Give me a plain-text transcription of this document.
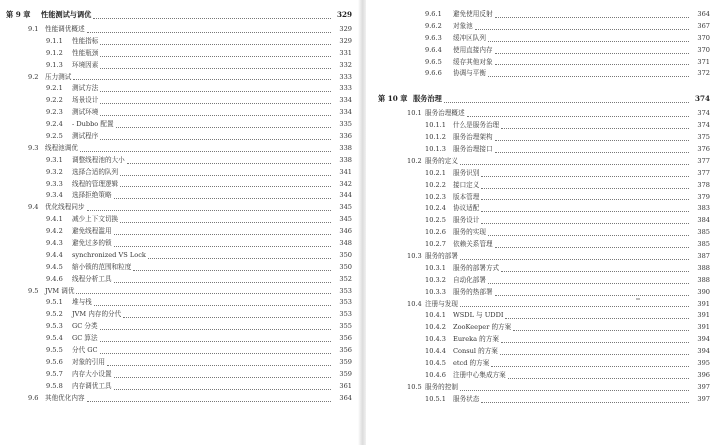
第 9 章	性能测试与调优	329
9.1 性能调优概述	329
9.1.1	性能指标	329
9.1.2	性能瓶颈	331
9.1.3	环境因素	332
9.2 压力测试	333
9.2.1	测试方法	333
9.2.2	场景设计	334
9.2.3	测试环境	334
9.2.4	- Dubbo 配置	335
9.2.5	测试程序	336
9.3 线程池调优	338
9.3.1	调整线程池的大小	338
9.3.2	选择合适的队列	341
9.3.3	线程的管理逻辑	342
9.3.4	选择拒绝策略	344
9.4 优化线程同步	345
9.4.1	减少上下文切换	345
9.4.2	避免线程滥用	346
9.4.3	避免过多的锁	348
9.4.4	synchronized VS Lock	350
9.4.5	缩小锁的范围和粒度	350
9.4.6	线程分析工具	352
9.5 JVM 调优	353
9.5.1	堆与栈	353
9.5.2	JVM 内存的分代	353
9.5.3	GC 分类	355
9.5.4	GC 算法	356
9.5.5	分代 GC	356
9.5.6	对象的引用	359
9.5.7	内存大小设置	359
9.5.8	内存调优工具	361
9.6 其他优化内容	364
9.6.1	避免使用反射	364
9.6.2	对象池	367
9.6.3	缓冲区队列	370
9.6.4	使用直接内存	370
9.6.5	缓存其他对象	371
9.6.6	协调与平衡	372
第 10 章 服务治理	374
10.1 服务治理概述	374
10.1.1	什么是服务治理	374
10.1.2	服务治理架构	375
10.1.3	服务治理接口	376
10.2 服务的定义	377
10.2.1	服务识别	377
10.2.2	接口定义	378
10.2.3	版本管理	379
10.2.4	协议适配	383
10.2.5	服务设计	384
10.2.6	服务的实现	385
10.2.7	依赖关系管理	385
10.3 服务的部署	387
10.3.1	服务的部署方式	388
10.3.2	自动化部署	388
10.3.3	服务的热部署	390
10.4 注册与发现	391
10.4.1	WSDL 与 UDDI	391
10.4.2	ZooKeeper 的方案	391
10.4.3	Eureka 的方案	394
10.4.4	Consul 的方案	394
10.4.5	etcd 的方案	395
10.4.6	注册中心集成方案	396
10.5 服务的控制	397
10.5.1	服务状态	397
